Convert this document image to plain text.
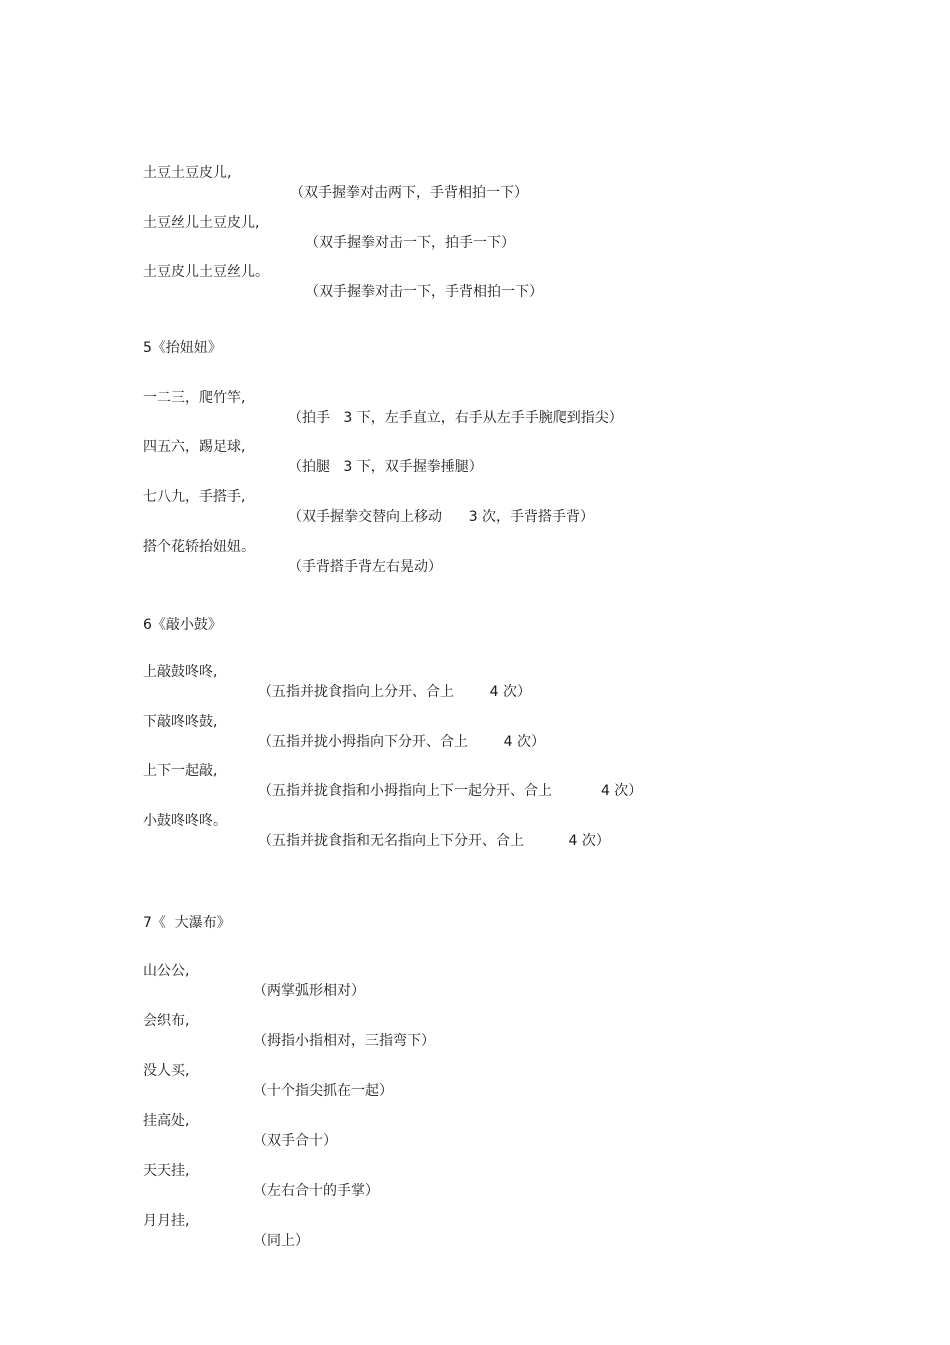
土豆土豆皮儿,

（双手握拳对击两下，手背相拍一下）

土豆丝儿土豆皮儿,

（双手握拳对击一下，拍手一下）

土豆皮儿土豆丝儿。

（双手握拳对击一下，手背相拍一下）

5《抬妞妞》

一二三，爬竹竿,

（拍手   3 下，左手直立，右手从左手手腕爬到指尖）

四五六，踢足球,

（拍腿   3 下，双手握拳捶腿）

七八九，手搭手,

（双手握拳交替向上移动      3 次，手背搭手背）

搭个花轿抬妞妞。

（手背搭手背左右晃动）

6《敲小鼓》

上敲鼓咚咚,

（五指并拢食指向上分开、合上        4 次）

下敲咚咚鼓,

（五指并拢小拇指向下分开、合上        4 次）

上下一起敲,

（五指并拢食指和小拇指向上下一起分开、合上           4 次）

小鼓咚咚咚。

（五指并拢食指和无名指向上下分开、合上          4 次）

7《  大瀑布》

山公公,

（两掌弧形相对）

会织布,

（拇指小指相对，三指弯下）

没人买,

（十个指尖抓在一起）

挂高处,

（双手合十）

天天挂,

（左右合十的手掌）

月月挂,

（同上）
